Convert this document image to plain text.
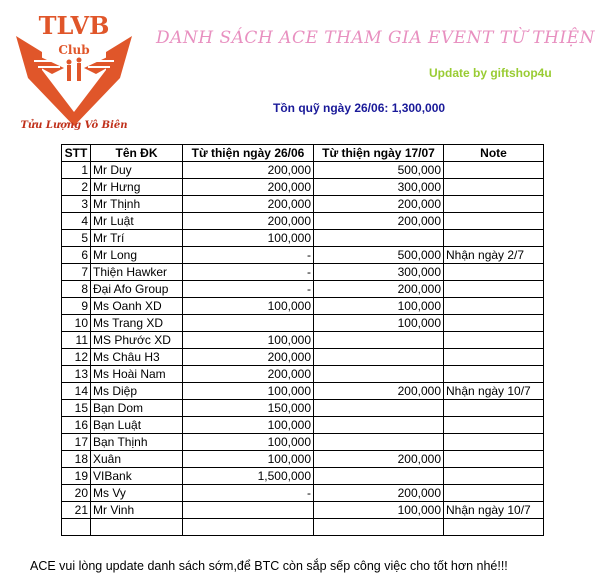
TLVB
Club
Tửu Lượng Vô Biên
DANH SÁCH ACE THAM GIA EVENT TỪ THIỆN
Update by giftshop4u
Tồn quỹ ngày 26/06: 1,300,000
STT	Tên ĐK	Từ thiện ngày 26/06	Từ thiện ngày 17/07	Note
1	Mr Duy	200,000	500,000	
2	Mr Hưng	200,000	300,000	
3	Mr Thịnh	200,000	200,000	
4	Mr Luật	200,000	200,000	
5	Mr Trí	100,000		
6	Mr Long	-	500,000	Nhận ngày 2/7
7	Thiện Hawker	-	300,000	
8	Đại Afo Group	-	200,000	
9	Ms Oanh XD	100,000	100,000	
10	Ms Trang XD		100,000	
11	MS Phước XD	100,000		
12	Ms Châu H3	200,000		
13	Ms Hoài Nam	200,000		
14	Ms Diệp	100,000	200,000	Nhận ngày 10/7
15	Bạn Dom	150,000		
16	Bạn Luật	100,000		
17	Bạn Thịnh	100,000		
18	Xuân	100,000	200,000	
19	VIBank	1,500,000		
20	Ms Vy	-	200,000	
21	Mr Vinh		100,000	Nhận ngày 10/7

ACE vui lòng update danh sách sớm,để BTC còn sắp sếp công việc cho tốt hơn nhé!!!
